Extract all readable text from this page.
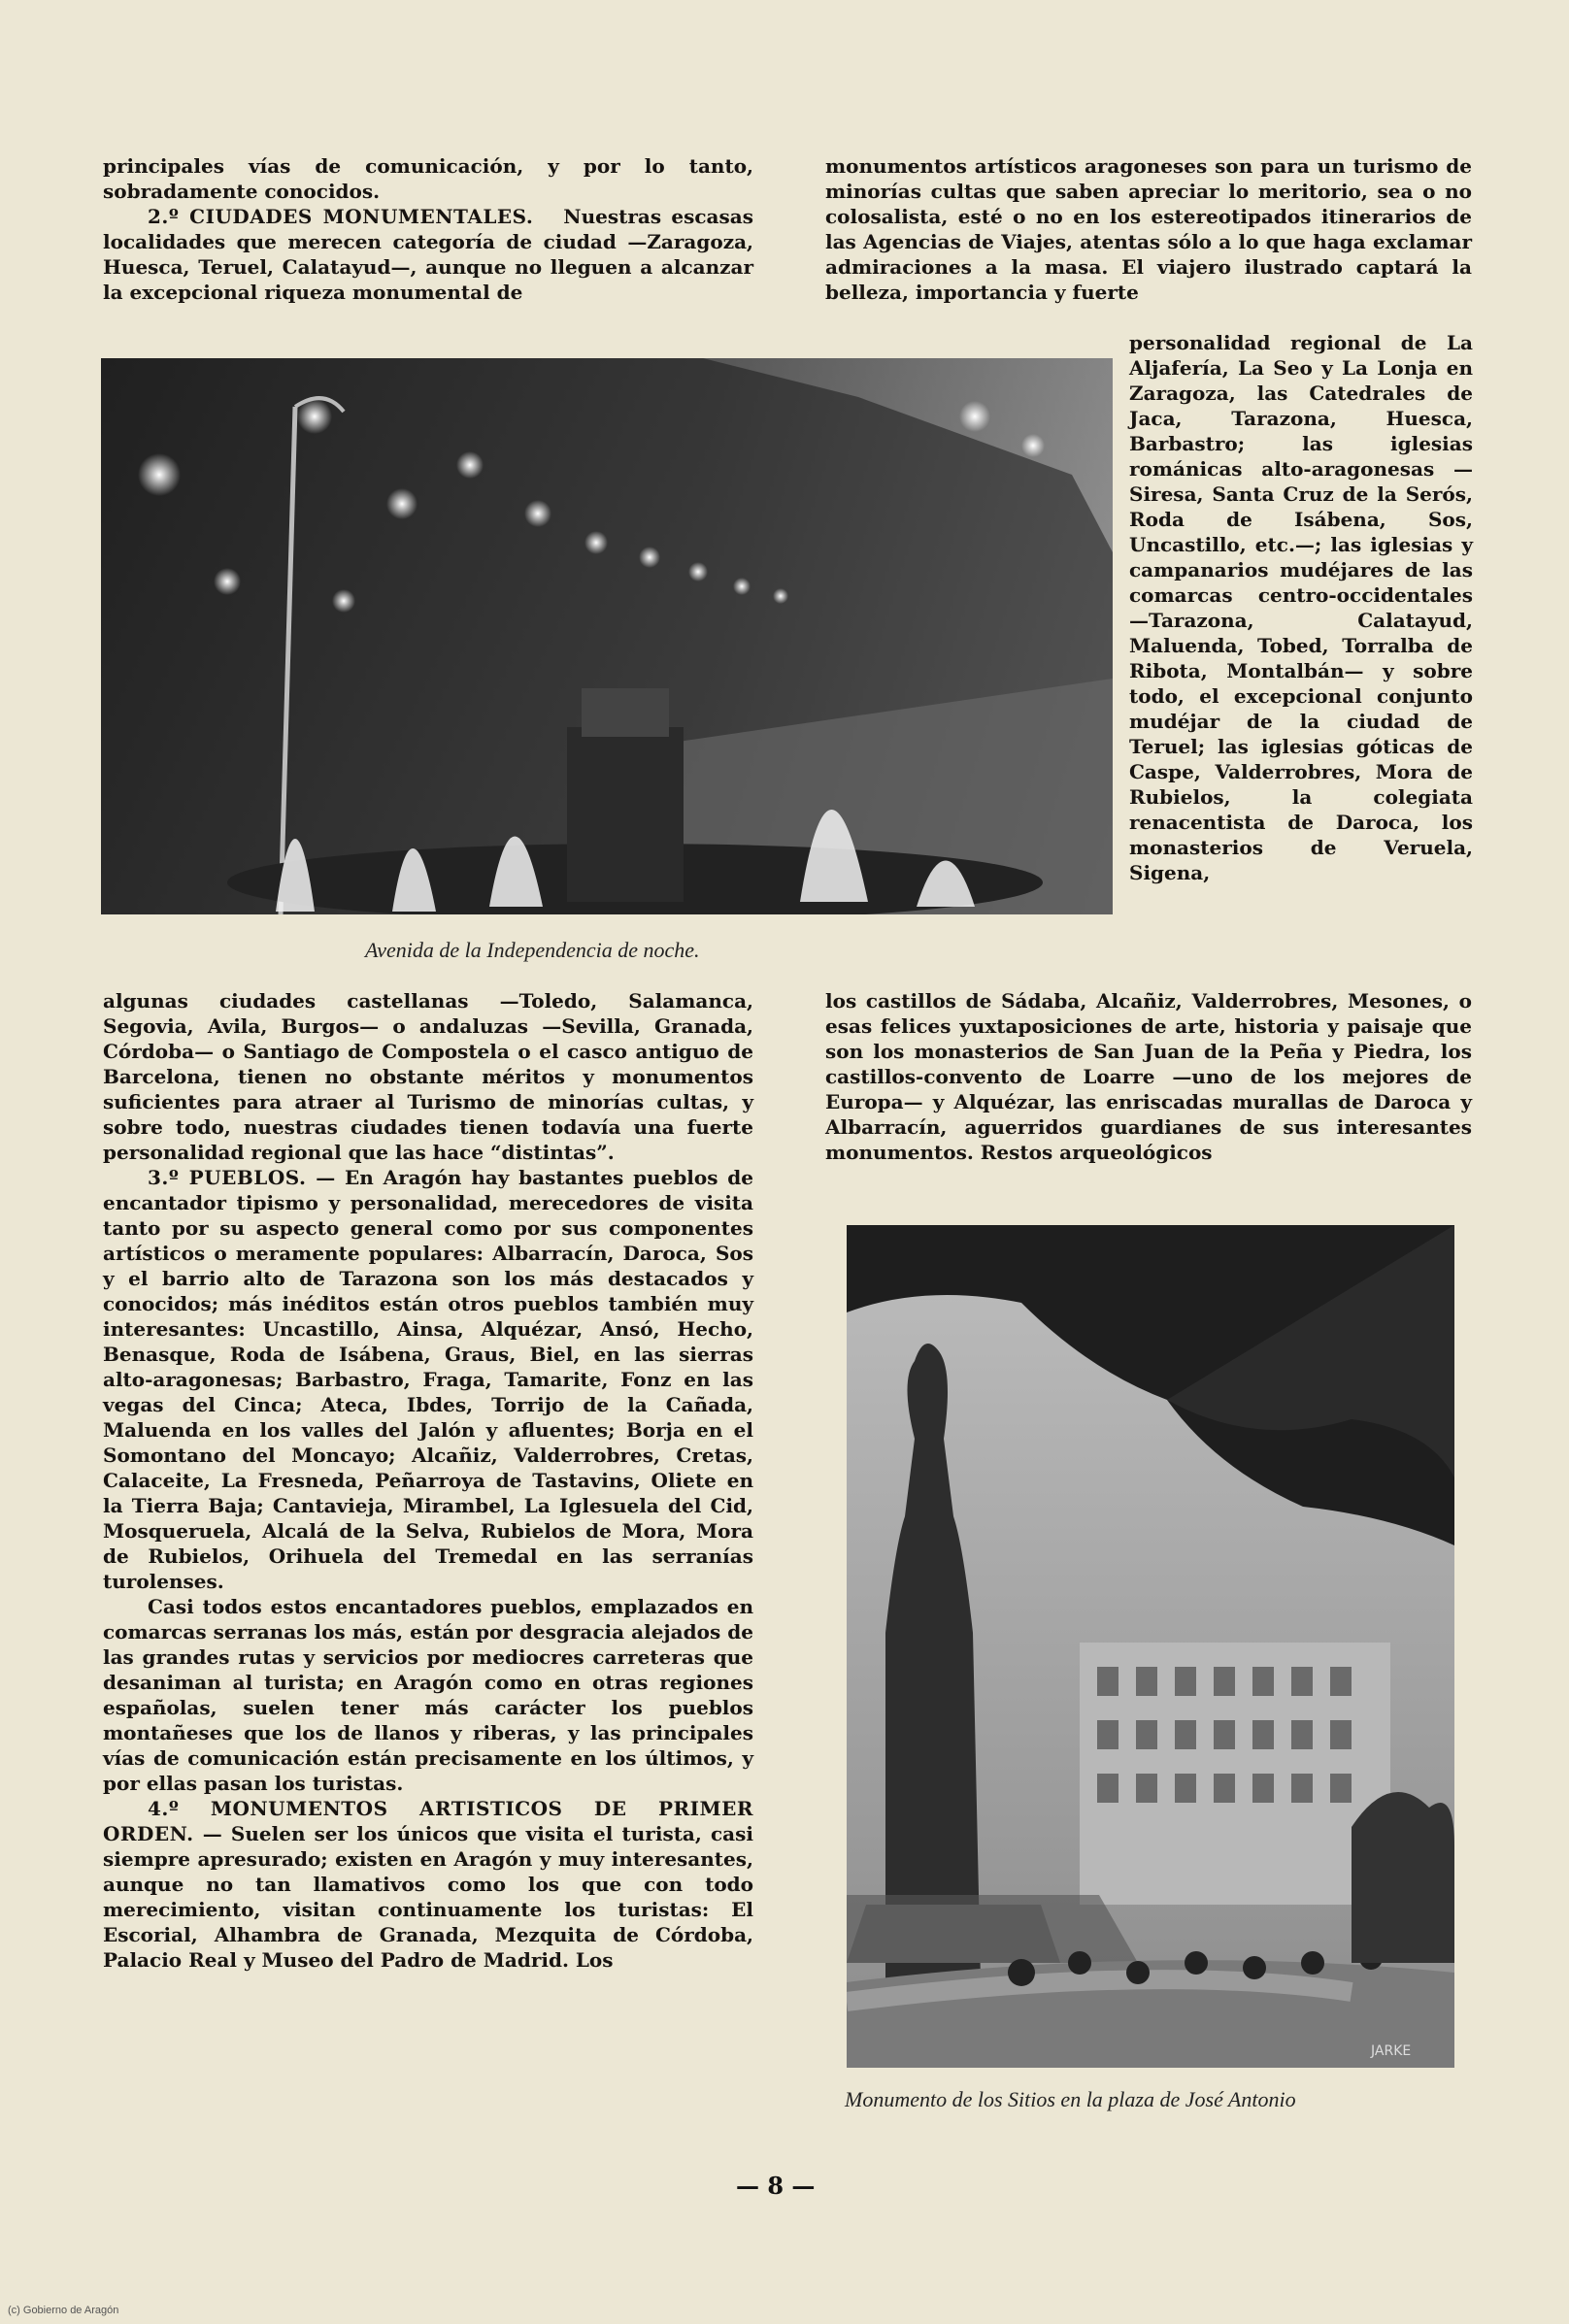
principales vías de comunicación, y por lo tanto, sobradamente conocidos.

2.º CIUDADES MONUMENTALES. Nuestras escasas localidades que merecen categoría de ciudad —Zaragoza, Huesca, Teruel, Calatayud—, aunque no lleguen a alcanzar la excepcional riqueza monumental de

Avenida de la Independencia de noche.

monumentos artísticos aragoneses son para un turismo de minorías cultas que saben apreciar lo meritorio, sea o no colosalista, esté o no en los estereotipados itinerarios de las Agencias de Viajes, atentas sólo a lo que haga exclamar admiraciones a la masa. El viajero ilustrado captará la belleza, importancia y fuerte

personalidad regional de La Aljafería, La Seo y La Lonja en Zaragoza, las Catedrales de Jaca, Tarazona, Huesca, Barbastro; las iglesias románicas alto-aragonesas —Siresa, Santa Cruz de la Serós, Roda de Isábena, Sos, Uncastillo, etc.—; las iglesias y campanarios mudéjares de las comarcas centro-occidentales —Tarazona, Calatayud, Maluenda, Tobed, Torralba de Ribota, Montalbán— y sobre todo, el excepcional conjunto mudéjar de la ciudad de Teruel; las iglesias góticas de Caspe, Valderrobres, Mora de Rubielos, la colegiata renacentista de Daroca, los monasterios de Veruela, Sigena,

los castillos de Sádaba, Alcañiz, Valderrobres, Mesones, o esas felices yuxtaposiciones de arte, historia y paisaje que son los monasterios de San Juan de la Peña y Piedra, los castillos-convento de Loarre —uno de los mejores de Europa— y Alquézar, las enriscadas murallas de Daroca y Albarracín, aguerridos guardianes de sus interesantes monumentos. Restos arqueológicos

algunas ciudades castellanas —Toledo, Salamanca, Segovia, Avila, Burgos— o andaluzas —Sevilla, Granada, Córdoba— o Santiago de Compostela o el casco antiguo de Barcelona, tienen no obstante méritos y monumentos suficientes para atraer al Turismo de minorías cultas, y sobre todo, nuestras ciudades tienen todavía una fuerte personalidad regional que las hace “distintas”.

3.º PUEBLOS. — En Aragón hay bastantes pueblos de encantador tipismo y personalidad, merecedores de visita tanto por su aspecto general como por sus componentes artísticos o meramente populares: Albarracín, Daroca, Sos y el barrio alto de Tarazona son los más destacados y conocidos; más inéditos están otros pueblos también muy interesantes: Uncastillo, Ainsa, Alquézar, Ansó, Hecho, Benasque, Roda de Isábena, Graus, Biel, en las sierras alto-aragonesas; Barbastro, Fraga, Tamarite, Fonz en las vegas del Cinca; Ateca, Ibdes, Torrijo de la Cañada, Maluenda en los valles del Jalón y afluentes; Borja en el Somontano del Moncayo; Alcañiz, Valderrobres, Cretas, Calaceite, La Fresneda, Peñarroya de Tastavins, Oliete en la Tierra Baja; Cantavieja, Mirambel, La Iglesuela del Cid, Mosqueruela, Alcalá de la Selva, Rubielos de Mora, Mora de Rubielos, Orihuela del Tremedal en las serranías turolenses.

Casi todos estos encantadores pueblos, emplazados en comarcas serranas los más, están por desgracia alejados de las grandes rutas y servicios por mediocres carreteras que desaniman al turista; en Aragón como en otras regiones españolas, suelen tener más carácter los pueblos montañeses que los de llanos y riberas, y las principales vías de comunicación están precisamente en los últimos, y por ellas pasan los turistas.

4.º MONUMENTOS ARTISTICOS DE PRIMER ORDEN. — Suelen ser los únicos que visita el turista, casi siempre apresurado; existen en Aragón y muy interesantes, aunque no tan llamativos como los que con todo merecimiento, visitan continuamente los turistas: El Escorial, Alhambra de Granada, Mezquita de Córdoba, Palacio Real y Museo del Padro de Madrid. Los

JARKE
Monumento de los Sitios en la plaza de José Antonio
— 8 —
(c) Gobierno de Aragón
